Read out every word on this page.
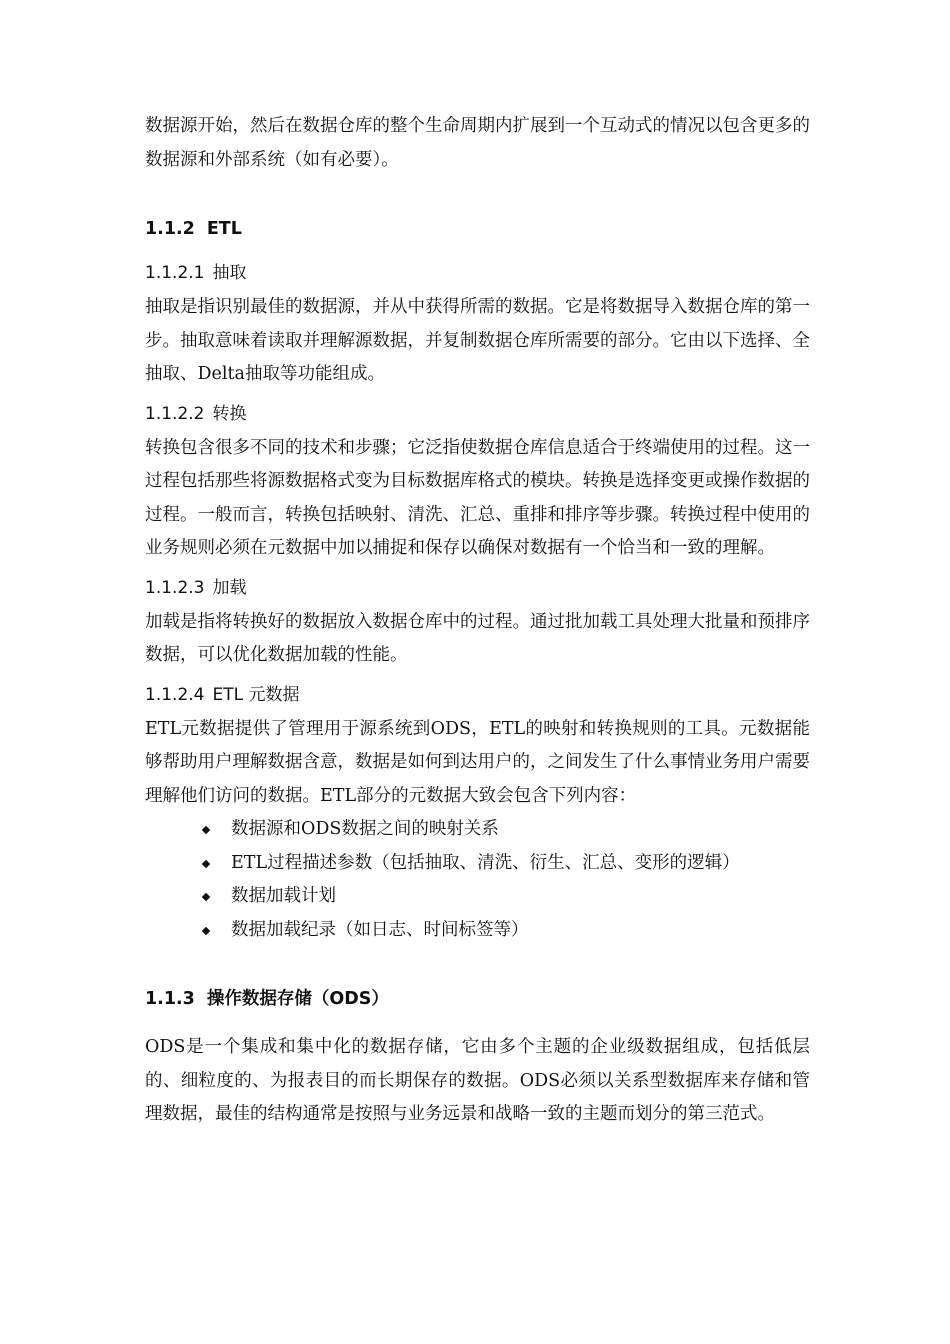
数据源开始，然后在数据仓库的整个生命周期内扩展到一个互动式的情况以包含更多的数据源和外部系统（如有必要）。

1.1.2 ETL
1.1.2.1 抽取

抽取是指识别最佳的数据源，并从中获得所需的数据。它是将数据导入数据仓库的第一步。抽取意味着读取并理解源数据，并复制数据仓库所需要的部分。它由以下选择、全抽取、Delta抽取等功能组成。

1.1.2.2 转换

转换包含很多不同的技术和步骤；它泛指使数据仓库信息适合于终端使用的过程。这一过程包括那些将源数据格式变为目标数据库格式的模块。转换是选择变更或操作数据的过程。一般而言，转换包括映射、清洗、汇总、重排和排序等步骤。转换过程中使用的业务规则必须在元数据中加以捕捉和保存以确保对数据有一个恰当和一致的理解。

1.1.2.3 加载

加载是指将转换好的数据放入数据仓库中的过程。通过批加载工具处理大批量和预排序数据，可以优化数据加载的性能。

1.1.2.4 ETL 元数据

ETL元数据提供了管理用于源系统到ODS，ETL的映射和转换规则的工具。元数据能够帮助用户理解数据含意，数据是如何到达用户的，之间发生了什么事情业务用户需要理解他们访问的数据。ETL部分的元数据大致会包含下列内容：

数据源和ODS数据之间的映射关系
ETL过程描述参数（包括抽取、清洗、衍生、汇总、变形的逻辑）
数据加载计划
数据加载纪录（如日志、时间标签等）
1.1.3 操作数据存储（ODS）

ODS是一个集成和集中化的数据存储，它由多个主题的企业级数据组成，包括低层的、细粒度的、为报表目的而长期保存的数据。ODS必须以关系型数据库来存储和管理数据，最佳的结构通常是按照与业务远景和战略一致的主题而划分的第三范式。
